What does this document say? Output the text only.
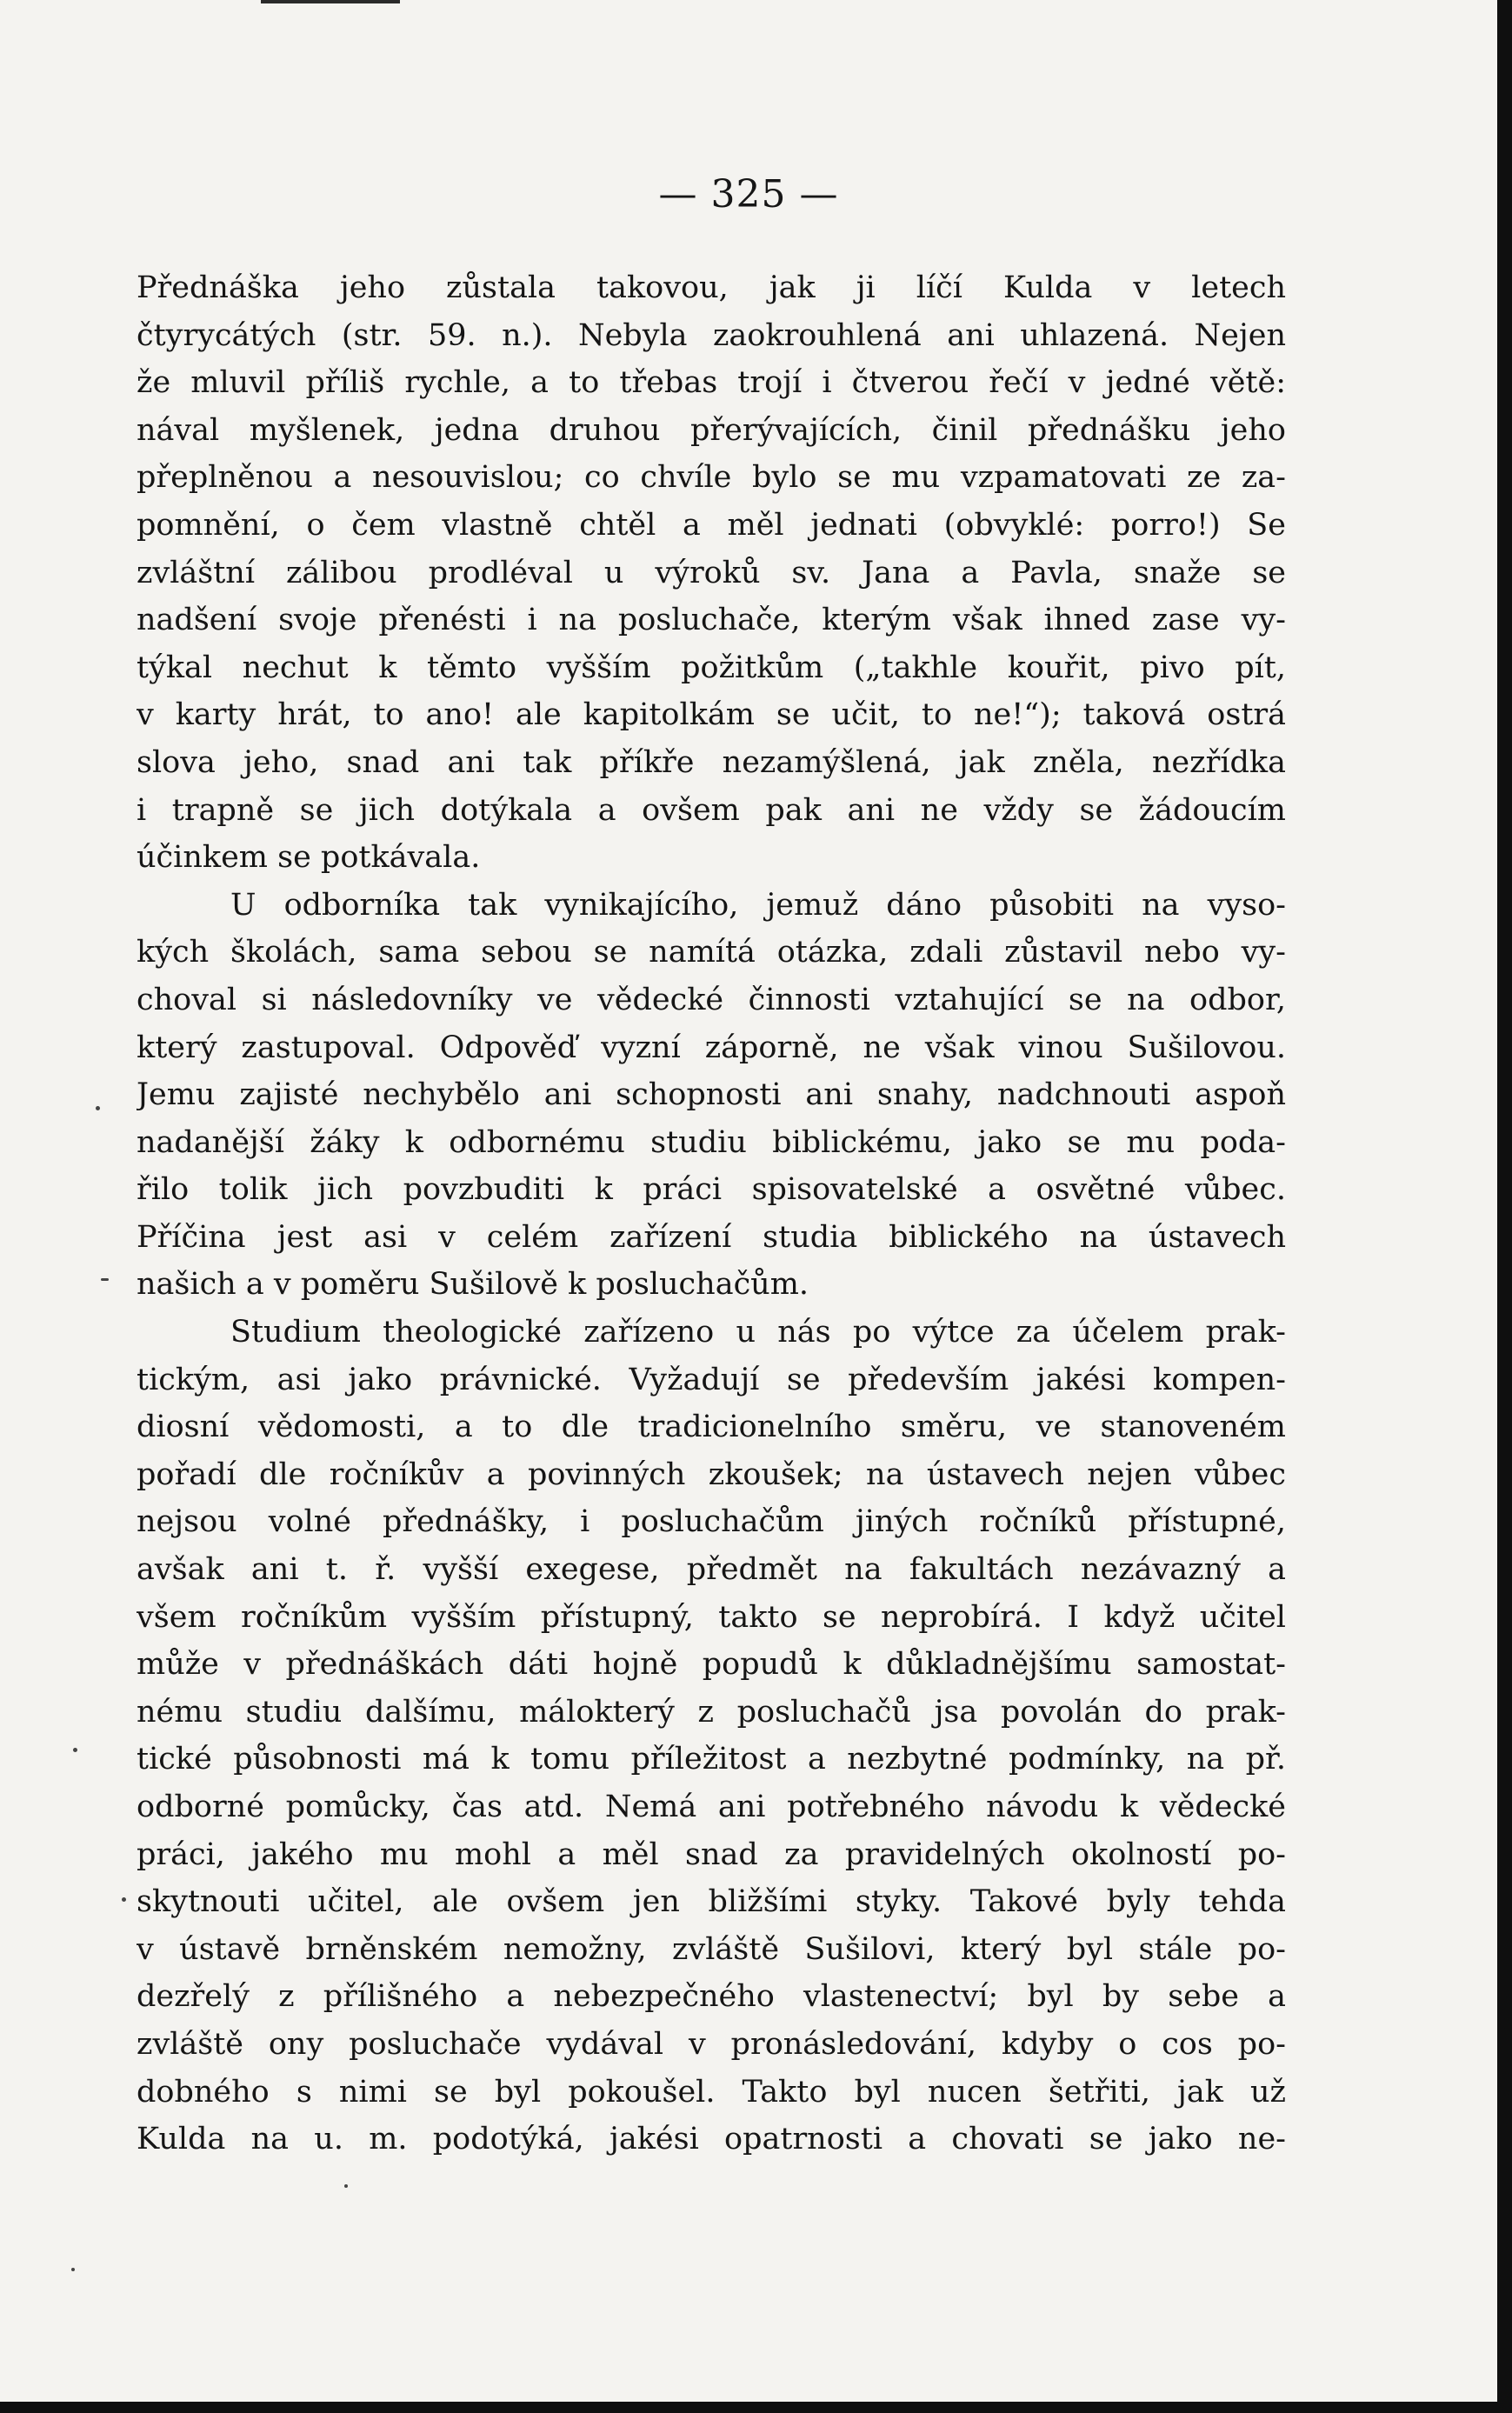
— 325 —
Přednáška jeho zůstala takovou, jak ji líčí Kulda v letech
čtyrycátých (str. 59. n.). Nebyla zaokrouhlená ani uhlazená. Nejen
že mluvil příliš rychle, a to třebas trojí i čtverou řečí v jedné větě:
nával myšlenek, jedna druhou přerývajících, činil přednášku jeho
přeplněnou a nesouvislou; co chvíle bylo se mu vzpamatovati ze za-
pomnění, o čem vlastně chtěl a měl jednati (obvyklé: porro!) Se
zvláštní zálibou prodléval u výroků sv. Jana a Pavla, snaže se
nadšení svoje přenésti i na posluchače, kterým však ihned zase vy-
týkal nechut k těmto vyšším požitkům („takhle kouřit, pivo pít,
v karty hrát, to ano! ale kapitolkám se učit, to ne!“); taková ostrá
slova jeho, snad ani tak příkře nezamýšlená, jak zněla, nezřídka
i trapně se jich dotýkala a ovšem pak ani ne vždy se žádoucím
účinkem se potkávala.
U odborníka tak vynikajícího, jemuž dáno působiti na vyso-
kých školách, sama sebou se namítá otázka, zdali zůstavil nebo vy-
choval si následovníky ve vědecké činnosti vztahující se na odbor,
který zastupoval. Odpověď vyzní záporně, ne však vinou Sušilovou.
Jemu zajisté nechybělo ani schopnosti ani snahy, nadchnouti aspoň
nadanější žáky k odbornému studiu biblickému, jako se mu poda-
řilo tolik jich povzbuditi k práci spisovatelské a osvětné vůbec.
Příčina jest asi v celém zařízení studia biblického na ústavech
našich a v poměru Sušilově k posluchačům.
Studium theologické zařízeno u nás po výtce za účelem prak-
tickým, asi jako právnické. Vyžadují se především jakési kompen-
diosní vědomosti, a to dle tradicionelního směru, ve stanoveném
pořadí dle ročníkův a povinných zkoušek; na ústavech nejen vůbec
nejsou volné přednášky, i posluchačům jiných ročníků přístupné,
avšak ani t. ř. vyšší exegese, předmět na fakultách nezávazný a
všem ročníkům vyšším přístupný, takto se neprobírá. I když učitel
může v přednáškách dáti hojně popudů k důkladnějšímu samostat-
nému studiu dalšímu, málokterý z posluchačů jsa povolán do prak-
tické působnosti má k tomu příležitost a nezbytné podmínky, na př.
odborné pomůcky, čas atd. Nemá ani potřebného návodu k vědecké
práci, jakého mu mohl a měl snad za pravidelných okolností po-
skytnouti učitel, ale ovšem jen bližšími styky. Takové byly tehda
v ústavě brněnském nemožny, zvláště Sušilovi, který byl stále po-
dezřelý z přílišného a nebezpečného vlastenectví; byl by sebe a
zvláště ony posluchače vydával v pronásledování, kdyby o cos po-
dobného s nimi se byl pokoušel. Takto byl nucen šetřiti, jak už
Kulda na u. m. podotýká, jakési opatrnosti a chovati se jako ne-
